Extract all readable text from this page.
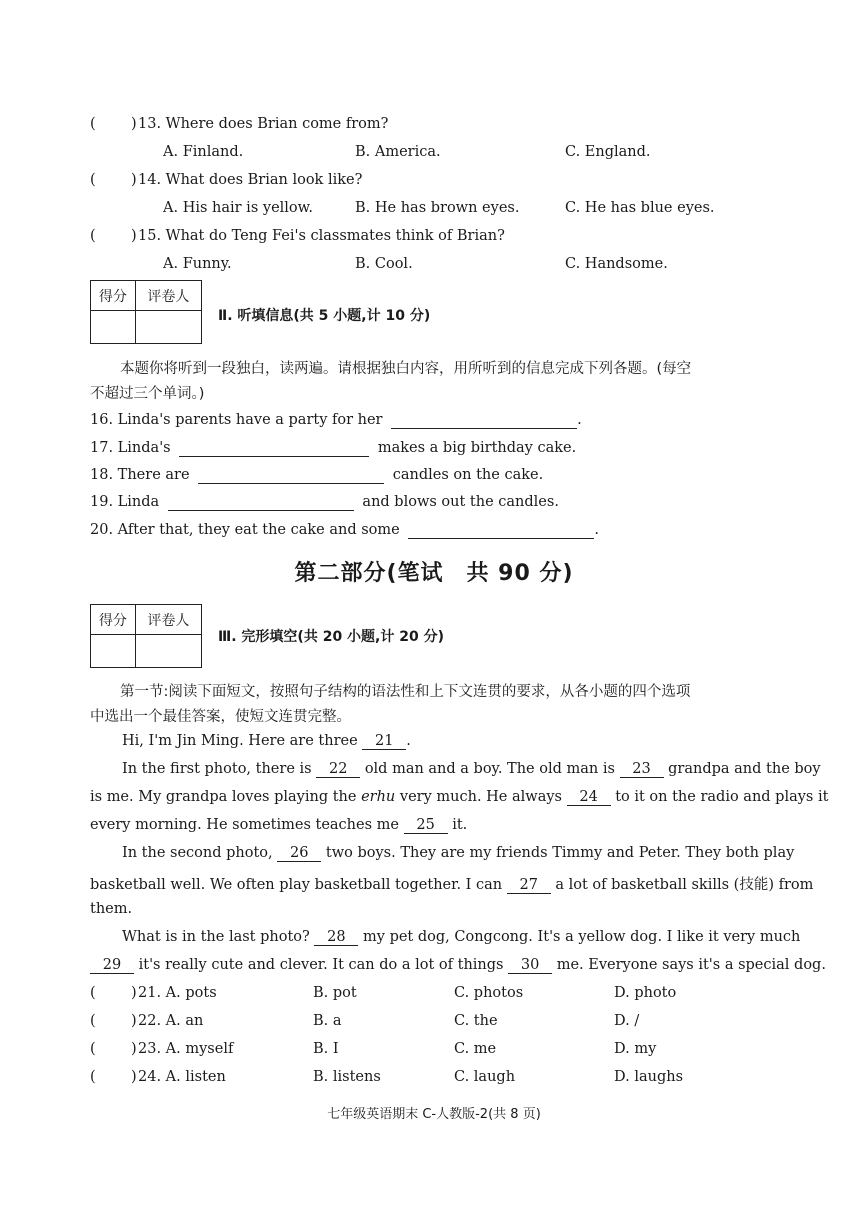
( ) 13. Where does Brian come from?
A. Finland.	B. America.	C. England.
( ) 14. What does Brian look like?
A. His hair is yellow.	B. He has brown eyes.	C. He has blue eyes.
( ) 15. What do Teng Fei's classmates think of Brian?
A. Funny.	B. Cool.	C. Handsome.
得分	评卷人

Ⅱ. 听填信息(共 5 小题,计 10 分)
本题你将听到一段独白，读两遍。请根据独白内容，用所听到的信息完成下列各题。(每空
不超过三个单词。)
16. Linda's parents have a party for her	.
17. Linda's	makes a big birthday cake.
18. There are	candles on the cake.
19. Linda	and blows out the candles.
20. After that, they eat the cake and some	.
第二部分(笔试　共 90 分)
得分	评卷人

Ⅲ. 完形填空(共 20 小题,计 20 分)
第一节:阅读下面短文，按照句子结构的语法性和上下文连贯的要求，从各小题的四个选项
中选出一个最佳答案，使短文连贯完整。
Hi, I'm Jin Ming. Here are three 21 .
In the first photo, there is 22 old man and a boy. The old man is 23 grandpa and the boy
is me. My grandpa loves playing the erhu very much. He always 24 to it on the radio and plays it
every morning. He sometimes teaches me 25 it.
In the second photo, 26 two boys. They are my friends Timmy and Peter. They both play
basketball well. We often play basketball together. I can 27 a lot of basketball skills (技能) from
them.
What is in the last photo? 28 my pet dog, Congcong. It's a yellow dog. I like it very much
29 it's really cute and clever. It can do a lot of things 30 me. Everyone says it's a special dog.
( ) 21. A. pots	B. pot	C. photos	D. photo
( ) 22. A. an	B. a	C. the	D. /
( ) 23. A. myself	B. I	C. me	D. my
( ) 24. A. listen	B. listens	C. laugh	D. laughs
七年级英语期末 C-人教版-2(共 8 页)
